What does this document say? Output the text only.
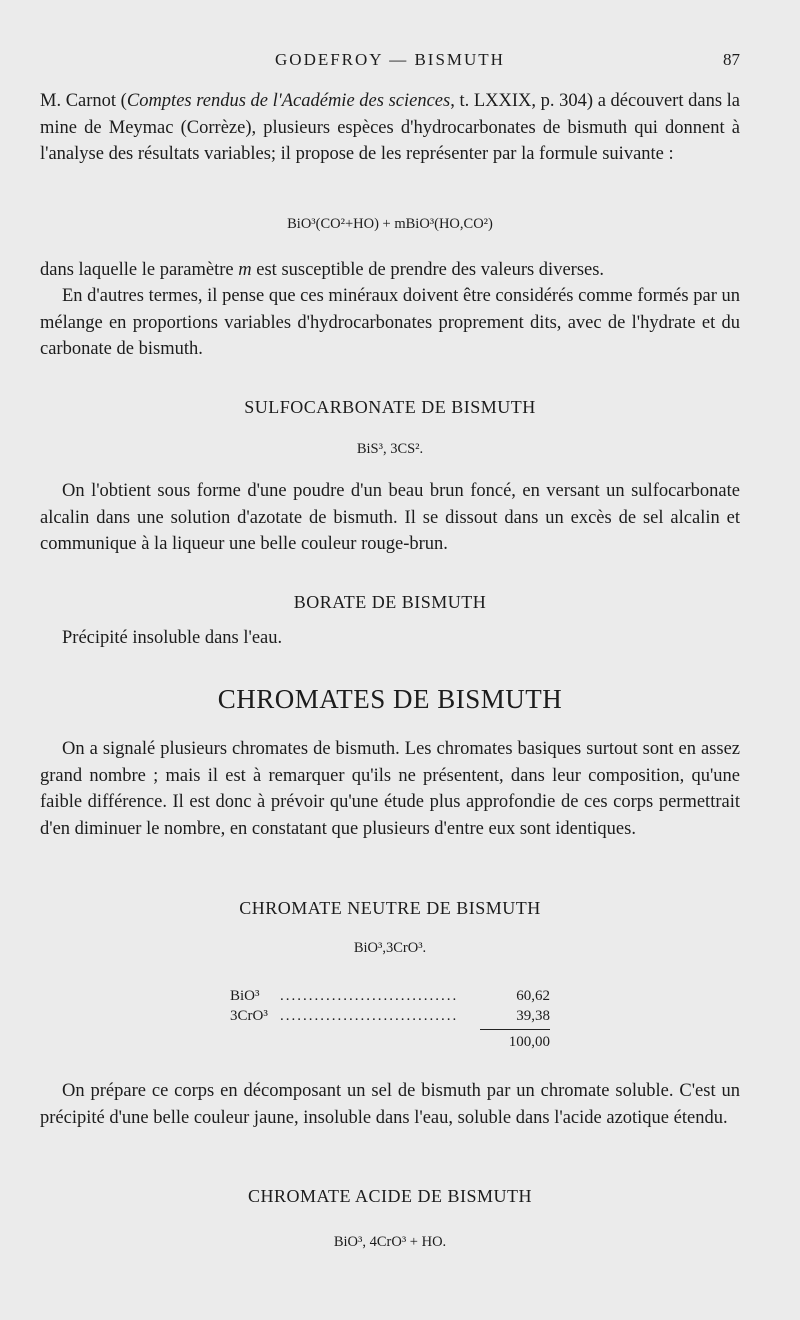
GODEFROY — BISMUTH	87

M. Carnot (Comptes rendus de l'Académie des sciences, t. LXXIX, p. 304) a découvert dans la mine de Meymac (Corrèze), plusieurs espèces d'hydrocarbonates de bismuth qui donnent à l'analyse des résultats variables; il propose de les représenter par la formule suivante :

BiO³(CO²+HO) + mBiO³(HO,CO²)

dans laquelle le paramètre m est susceptible de prendre des valeurs diverses.

En d'autres termes, il pense que ces minéraux doivent être considérés comme formés par un mélange en proportions variables d'hydrocarbonates proprement dits, avec de l'hydrate et du carbonate de bismuth.

SULFOCARBONATE DE BISMUTH
BiS³, 3CS².

On l'obtient sous forme d'une poudre d'un beau brun foncé, en versant un sulfocarbonate alcalin dans une solution d'azotate de bismuth. Il se dissout dans un excès de sel alcalin et communique à la liqueur une belle couleur rouge-brun.

BORATE DE BISMUTH

Précipité insoluble dans l'eau.

CHROMATES DE BISMUTH

On a signalé plusieurs chromates de bismuth. Les chromates basiques surtout sont en assez grand nombre ; mais il est à remarquer qu'ils ne présentent, dans leur composition, qu'une faible différence. Il est donc à prévoir qu'une étude plus approfondie de ces corps permettrait d'en diminuer le nombre, en constatant que plusieurs d'entre eux sont identiques.

CHROMATE NEUTRE DE BISMUTH
BiO³,3CrO³.
BiO³ ...............................	60,62
3CrO³ ...............................	39,38
100,00

On prépare ce corps en décomposant un sel de bismuth par un chromate soluble. C'est un précipité d'une belle couleur jaune, insoluble dans l'eau, soluble dans l'acide azotique étendu.

CHROMATE ACIDE DE BISMUTH
BiO³, 4CrO³ + HO.
